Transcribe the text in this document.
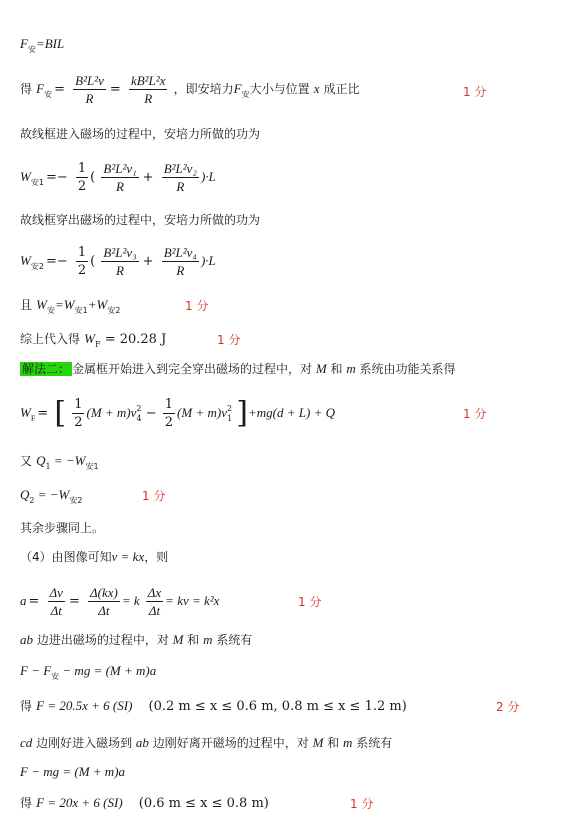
$F_安=BIL$
得 $F_安 = \frac{\text{B²L²v}}{R} = \frac{\text{kB²L²x}}{R}$ ，即安培力$F_安$大小与位置 x 成正比	1 分
故线框进入磁场的过程中，安培力所做的功为
$W_{安1} =- \frac{1}{2}$ ( $\frac{\text{B²L²v₁}}{R} + \frac{\text{B²L²v₂}}{R} )\cdot L$
故线框穿出磁场的过程中，安培力所做的功为
$W_{安2} =- \frac{1}{2}$ ( $\frac{\text{B²L²v₃}}{R} + \frac{\text{B²L²v₄}}{R} )\cdot L$
且 $W_安=W_{安1}+W_{安2}$	1 分
综上代入得 $W_F = 20.28$ J	1 分
解法二： 金属框开始进入到完全穿出磁场的过程中，对 M 和 m 系统由功能关系得
$W_F$ = [ $\frac{1}{2} (M + m)v^2_4 - \frac{1}{2} (M + m)v^2_1$ ]+mg(d + L) + Q	1 分
又 $Q_1 = -W_{安1}$
$Q_2 = -W_{安2}$	1 分
其余步骤同上。
（4）由图像可知v = kx，则
$a = \frac{\Delta v}{\Delta t} = \frac{\Delta(kx)}{\Delta t} = k \frac{\Delta x}{\Delta t}$ = kv = k²x	1 分
ab 边进出磁场的过程中，对 M 和 m 系统有
$F - F_安$ − mg = (M + m)a
得 F = 20.5x + 6 (SI) (0.2 m ≤ x ≤ 0.6 m, 0.8 m ≤ x ≤ 1.2 m)	2 分
cd 边刚好进入磁场到 ab 边刚好离开磁场的过程中，对 M 和 m 系统有
F − mg = (M + m)a
得 F = 20x + 6 (SI) (0.6 m ≤ x ≤ 0.8 m)	1 分
